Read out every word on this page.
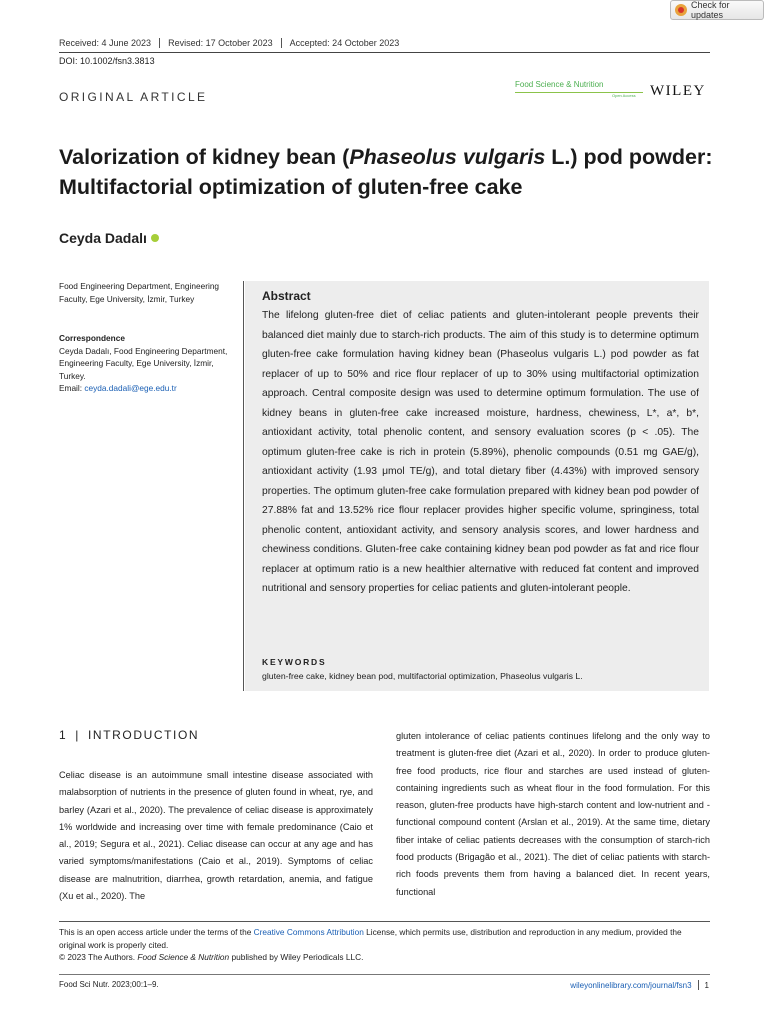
Check for updates
Received: 4 June 2023	Revised: 17 October 2023	Accepted: 24 October 2023
DOI: 10.1002/fsn3.3813
ORIGINAL ARTICLE
Food Science & Nutrition
Open Access WILEY
Valorization of kidney bean (Phaseolus vulgaris L.) pod powder: Multifactorial optimization of gluten-free cake
Ceyda Dadalı
Food Engineering Department, Engineering Faculty, Ege University, İzmir, Turkey
Correspondence
Ceyda Dadalı, Food Engineering Department, Engineering Faculty, Ege University, İzmir, Turkey.
Email: ceyda.dadali@ege.edu.tr
Abstract
The lifelong gluten-free diet of celiac patients and gluten-intolerant people prevents their balanced diet mainly due to starch-rich products. The aim of this study is to determine optimum gluten-free cake formulation having kidney bean (Phaseolus vulgaris L.) pod powder as fat replacer of up to 50% and rice flour replacer of up to 30% using multifactorial optimization approach. Central composite design was used to determine optimum formulation. The use of kidney beans in gluten-free cake increased moisture, hardness, chewiness, L*, a*, b*, antioxidant activity, total phenolic content, and sensory evaluation scores (p < .05). The optimum gluten-free cake is rich in protein (5.89%), phenolic compounds (0.51 mg GAE/g), antioxidant activity (1.93 μmol TE/g), and total dietary fiber (4.43%) with improved sensory properties. The optimum gluten-free cake formulation prepared with kidney bean pod powder of 27.88% fat and 13.52% rice flour replacer provides higher specific volume, springiness, total phenolic content, antioxidant activity, and sensory analysis scores, and lower hardness and chewiness conditions. Gluten-free cake containing kidney bean pod powder as fat and rice flour replacer at optimum ratio is a new healthier alternative with reduced fat content and improved nutritional and sensory properties for celiac patients and gluten-intolerant people.
KEYWORDS
gluten-free cake, kidney bean pod, multifactorial optimization, Phaseolus vulgaris L.
1 | INTRODUCTION
Celiac disease is an autoimmune small intestine disease associated with malabsorption of nutrients in the presence of gluten found in wheat, rye, and barley (Azari et al., 2020). The prevalence of celiac disease is approximately 1% worldwide and increasing over time with female predominance (Caio et al., 2019; Segura et al., 2021). Celiac disease can occur at any age and has varied symptoms/manifestations (Caio et al., 2019). Symptoms of celiac disease are malnutrition, diarrhea, growth retardation, anemia, and fatigue (Xu et al., 2020). The
gluten intolerance of celiac patients continues lifelong and the only way to treatment is gluten-free diet (Azari et al., 2020). In order to produce gluten-free food products, rice flour and starches are used instead of gluten-containing ingredients such as wheat flour in the food formulation. For this reason, gluten-free products have high-starch content and low-nutrient and -functional compound content (Arslan et al., 2019). At the same time, dietary fiber intake of celiac patients decreases with the consumption of starch-rich food products (Brigagão et al., 2021). The diet of celiac patients with starch-rich foods prevents them from having a balanced diet. In recent years, functional
This is an open access article under the terms of the Creative Commons Attribution License, which permits use, distribution and reproduction in any medium, provided the original work is properly cited.
© 2023 The Authors. Food Science & Nutrition published by Wiley Periodicals LLC.
Food Sci Nutr. 2023;00:1–9.	wileyonlinelibrary.com/journal/fsn3 1
